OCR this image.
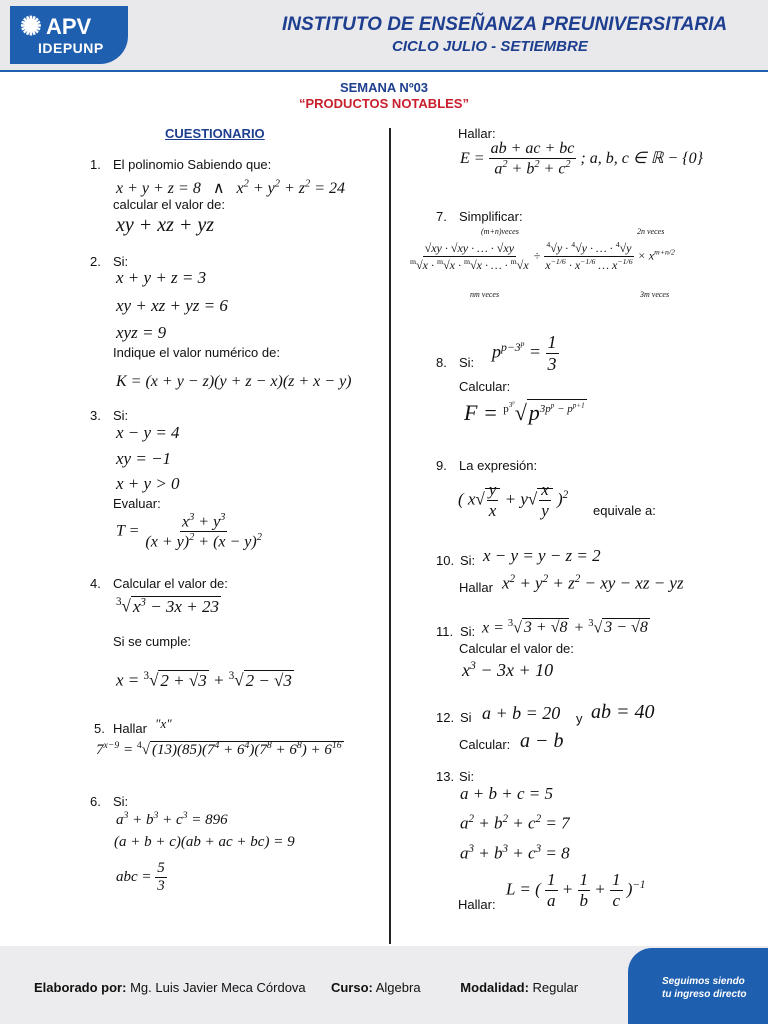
✺ APV
IDEPUNP
INSTITUTO DE ENSEÑANZA PREUNIVERSITARIA
CICLO JULIO - SETIEMBRE
SEMANA Nº03
“PRODUCTOS NOTABLES”
CUESTIONARIO
1. El polinomio Sabiendo que:
x + y + z = 8   ∧   $x^2 + y^2 + z^2 = 24$
calcular el valor de:
xy + xz + yz
2. Si:
x + y + z = 3
xy + xz + yz = 6
xyz = 9
Indique el valor numérico de:
K = (x + y − z)(y + z − x)(z + x − y)
3. Si:
x − y = 4
xy = −1
x + y > 0
Evaluar:
$T = \frac{x^3 + y^3}{(x + y)^2 + (x - y)^2}$
4. Calcular el valor de:
$^3$√ $x^3 - 3x + 23$
Si se cumple:
x = $^3$√ 2 + √3 + $^3$√ 2 − √3
5. Hallar "x"
$7^{x-9} = ^4√$ $(13)(85)(7^4 + 6^4)(7^8 + 6^8) + 6^{16}$
6. Si:
$a^3 + b^3 + c^3 = 896$
(a + b + c)(ab + ac + bc) = 9
abc = $\frac{5}{3}$
Hallar:
$E = \frac{ab + ac + bc}{a^2 + b^2 + c^2}$ ; a, b, c ∈ ℝ − {0}
7. Simplificar:
(m+n)veces	2n veces
$\frac{√xy \cdot √xy \cdot \dots \cdot √xy}{^m√x \cdot ^m√x \cdot ^m√x \cdot \dots \cdot ^m√x} \div \frac{^4√y \cdot ^4√y \cdot \dots \cdot ^4√y}{x^{-1/6} \cdot x^{-1/6} \dots x^{-1/6}} \times x^{m+n/2}$
nm veces	3m veces
8. Si:
$p^{p-3^p} = \frac{1}{3}$
Calcular:
$F = ^{p^{3^p}}√p^{3p^p - p^{p+1}}$
9. La expresión:
( $x√ \frac{y}{x} + y√ \frac{x}{y} )^2$
equivale a:
10. Si: x − y = y − z = 2
Hallar $x^2 + y^2 + z^2$ − xy − xz − yz
11. Si: x = $^3$√ 3 + √8 + $^3$√ 3 − √8
Calcular el valor de:
$x^3 - 3x + 10$
12. Si a + b = 20 y ab = 40
Calcular: a − b
13. Si:
a + b + c = 5
$a^2 + b^2 + c^2 = 7$
$a^3 + b^3 + c^3 = 8$
Hallar:
L = ( $\frac{1}{a} + \frac{1}{b} + \frac{1}{c} )^{-1}$
Elaborado por: Mg. Luis Javier Meca Córdova Curso: Algebra	Modalidad: Regular	Seguimos siendo
tu ingreso directo
